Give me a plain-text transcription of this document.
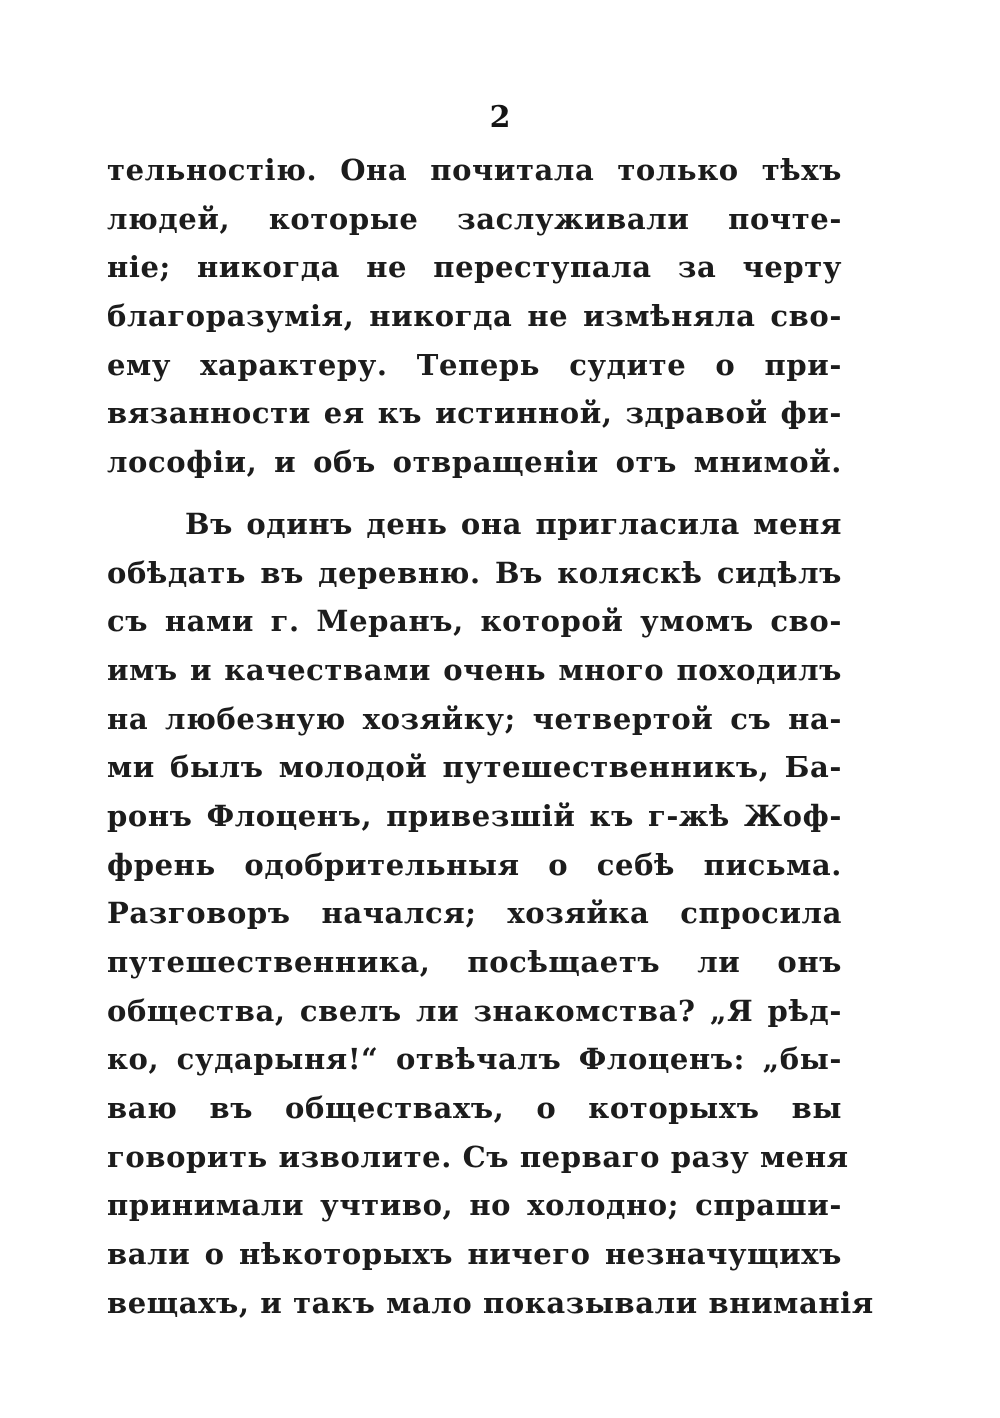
2
тельностію. Она почитала только тѣхъ
людей, которые заслуживали почте-
ніе; никогда не переступала за черту
благоразумія, никогда не измѣняла сво-
ему характеру. Теперь судите о при-
вязанности ея къ истинной, здравой фи-
лософіи, и объ отвращеніи отъ мнимой.
Въ одинъ день она пригласила меня
обѣдать въ деревню. Въ коляскѣ сидѣлъ
съ нами г. Меранъ, которой умомъ сво-
имъ и качествами очень много походилъ
на любезную хозяйку; четвертой съ на-
ми былъ молодой путешественникъ, Ба-
ронъ Флоценъ, привезшій къ г-жѣ Жоф-
френь одобрительныя о себѣ письма.
Разговоръ начался; хозяйка спросила
путешественника, посѣщаетъ ли онъ
общества, свелъ ли знакомства? „Я рѣд-
ко, сударыня!“ отвѣчалъ Флоценъ: „бы-
ваю въ обществахъ, о которыхъ вы
говорить изволите. Съ перваго разу меня
принимали учтиво, но холодно; спраши-
вали о нѣкоторыхъ ничего незначущихъ
вещахъ, и такъ мало показывали вниманія
